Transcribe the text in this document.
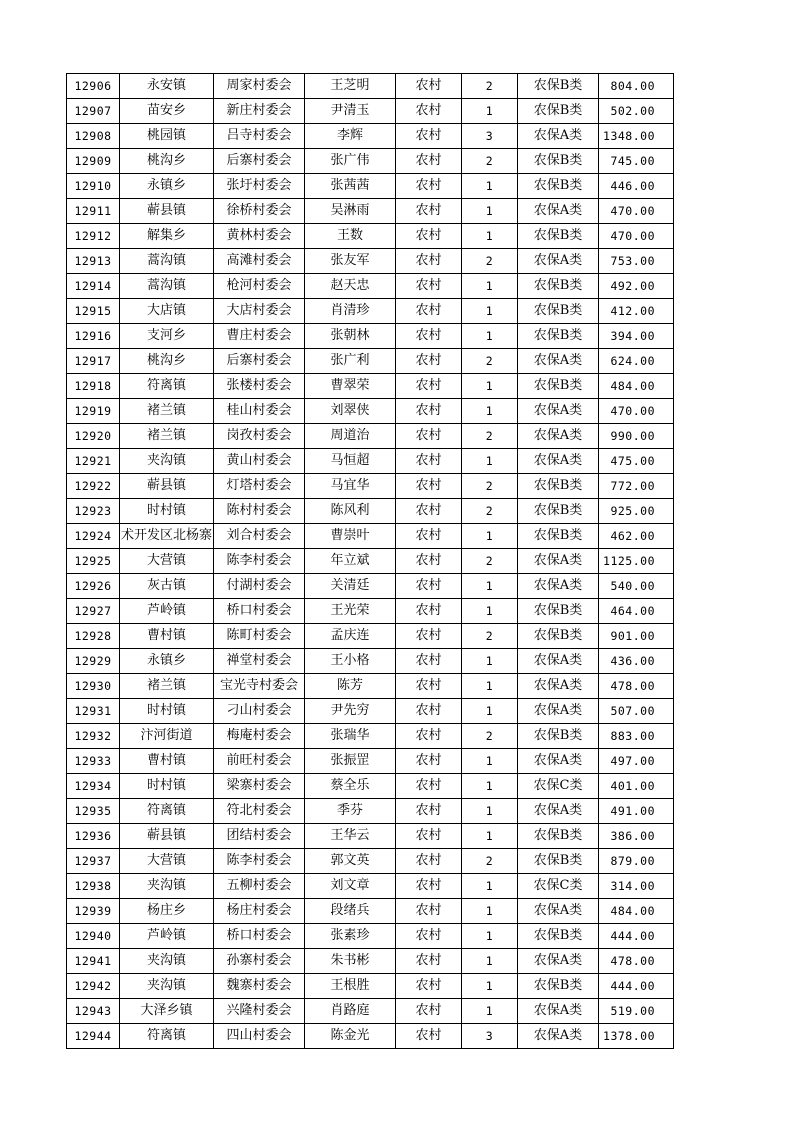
12906	永安镇	周家村委会	王芝明	农村	2	农保B类	804.00
12907	苗安乡	新庄村委会	尹清玉	农村	1	农保B类	502.00
12908	桃园镇	吕寺村委会	李辉	农村	3	农保A类	1348.00
12909	桃沟乡	后寨村委会	张广伟	农村	2	农保B类	745.00
12910	永镇乡	张圩村委会	张茜茜	农村	1	农保B类	446.00
12911	蕲县镇	徐桥村委会	吴淋雨	农村	1	农保A类	470.00
12912	解集乡	黄林村委会	王数	农村	1	农保B类	470.00
12913	蒿沟镇	高滩村委会	张友军	农村	2	农保A类	753.00
12914	蒿沟镇	枪河村委会	赵天忠	农村	1	农保B类	492.00
12915	大店镇	大店村委会	肖清珍	农村	1	农保B类	412.00
12916	支河乡	曹庄村委会	张朝林	农村	1	农保B类	394.00
12917	桃沟乡	后寨村委会	张广利	农村	2	农保A类	624.00
12918	符离镇	张楼村委会	曹翠荣	农村	1	农保B类	484.00
12919	褚兰镇	桂山村委会	刘翠侠	农村	1	农保A类	470.00
12920	褚兰镇	岗孜村委会	周道治	农村	2	农保A类	990.00
12921	夹沟镇	黄山村委会	马恒超	农村	1	农保A类	475.00
12922	蕲县镇	灯塔村委会	马宜华	农村	2	农保B类	772.00
12923	时村镇	陈村村委会	陈风利	农村	2	农保B类	925.00
12924	术开发区北杨寨	刘合村委会	曹崇叶	农村	1	农保B类	462.00
12925	大营镇	陈李村委会	年立斌	农村	2	农保A类	1125.00
12926	灰古镇	付湖村委会	关清廷	农村	1	农保A类	540.00
12927	芦岭镇	桥口村委会	王光荣	农村	1	农保B类	464.00
12928	曹村镇	陈町村委会	孟庆连	农村	2	农保B类	901.00
12929	永镇乡	禅堂村委会	王小格	农村	1	农保A类	436.00
12930	褚兰镇	宝光寺村委会	陈芳	农村	1	农保A类	478.00
12931	时村镇	刁山村委会	尹先穷	农村	1	农保A类	507.00
12932	汴河街道	梅庵村委会	张瑞华	农村	2	农保B类	883.00
12933	曹村镇	前旺村委会	张振罡	农村	1	农保A类	497.00
12934	时村镇	梁寨村委会	蔡全乐	农村	1	农保C类	401.00
12935	符离镇	符北村委会	季芬	农村	1	农保A类	491.00
12936	蕲县镇	团结村委会	王华云	农村	1	农保B类	386.00
12937	大营镇	陈李村委会	郭文英	农村	2	农保B类	879.00
12938	夹沟镇	五柳村委会	刘文章	农村	1	农保C类	314.00
12939	杨庄乡	杨庄村委会	段绪兵	农村	1	农保A类	484.00
12940	芦岭镇	桥口村委会	张素珍	农村	1	农保B类	444.00
12941	夹沟镇	孙寨村委会	朱书彬	农村	1	农保A类	478.00
12942	夹沟镇	魏寨村委会	王根胜	农村	1	农保B类	444.00
12943	大泽乡镇	兴隆村委会	肖路庭	农村	1	农保A类	519.00
12944	符离镇	四山村委会	陈金光	农村	3	农保A类	1378.00
